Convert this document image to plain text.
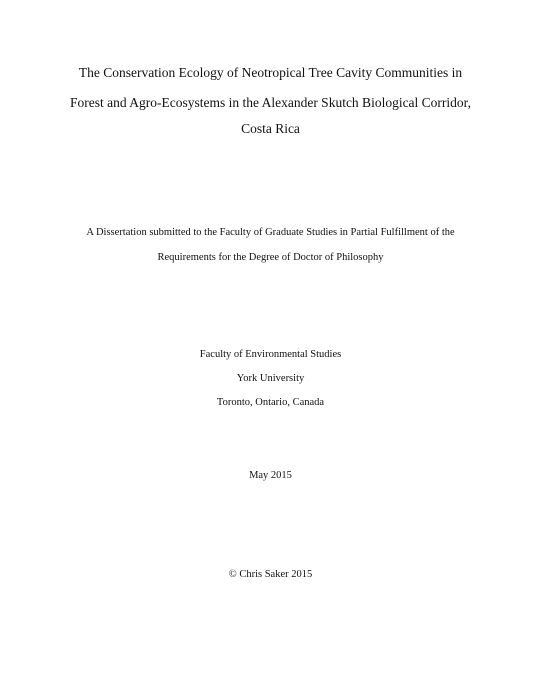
The Conservation Ecology of Neotropical Tree Cavity Communities in
Forest and Agro-Ecosystems in the Alexander Skutch Biological Corridor,
Costa Rica
A Dissertation submitted to the Faculty of Graduate Studies in Partial Fulfillment of the
Requirements for the Degree of Doctor of Philosophy
Faculty of Environmental Studies
York University
Toronto, Ontario, Canada
May 2015
© Chris Saker 2015
